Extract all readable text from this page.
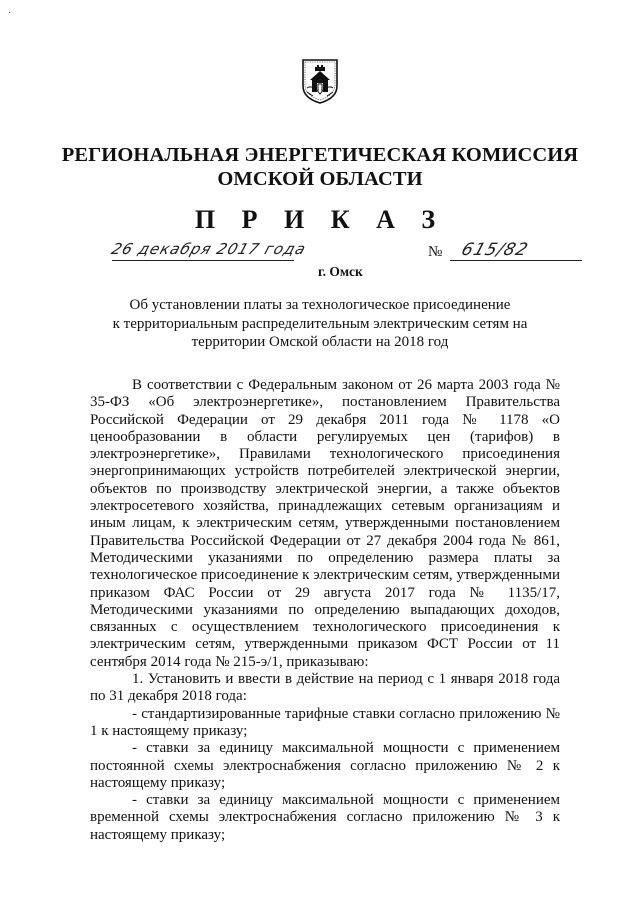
·
РЕГИОНАЛЬНАЯ ЭНЕРГЕТИЧЕСКАЯ КОМИССИЯ
ОМСКОЙ ОБЛАСТИ
П Р И К А З
26 декабря 2017 года	№ 615/82
г. Омск
Об установлении платы за технологическое присоединение
к территориальным распределительным электрическим сетям на
территории Омской области на 2018 год

В соответствии с Федеральным законом от 26 марта 2003 года № 35-ФЗ «Об электроэнергетике», постановлением Правительства Российской Федерации от 29 декабря 2011 года № 1178 «О ценообразовании в области регулируемых цен (тарифов) в электроэнергетике», Правилами технологического присоединения энергопринимающих устройств потребителей электрической энергии, объектов по производству электрической энергии, а также объектов электросетевого хозяйства, принадлежащих сетевым организациям и иным лицам, к электрическим сетям, утвержденными постановлением Правительства Российской Федерации от 27 декабря 2004 года № 861, Методическими указаниями по определению размера платы за технологическое присоединение к электрическим сетям, утвержденными приказом ФАС России от 29 августа 2017 года № 1135/17, Методическими указаниями по определению выпадающих доходов, связанных с осуществлением технологического присоединения к электрическим сетям, утвержденными приказом ФСТ России от 11 сентября 2014 года № 215-э/1, приказываю:

1. Установить и ввести в действие на период с 1 января 2018 года по 31 декабря 2018 года:

- стандартизированные тарифные ставки согласно приложению № 1 к настоящему приказу;

- ставки за единицу максимальной мощности с применением постоянной схемы электроснабжения согласно приложению № 2 к настоящему приказу;

- ставки за единицу максимальной мощности с применением временной схемы электроснабжения согласно приложению № 3 к настоящему приказу;
